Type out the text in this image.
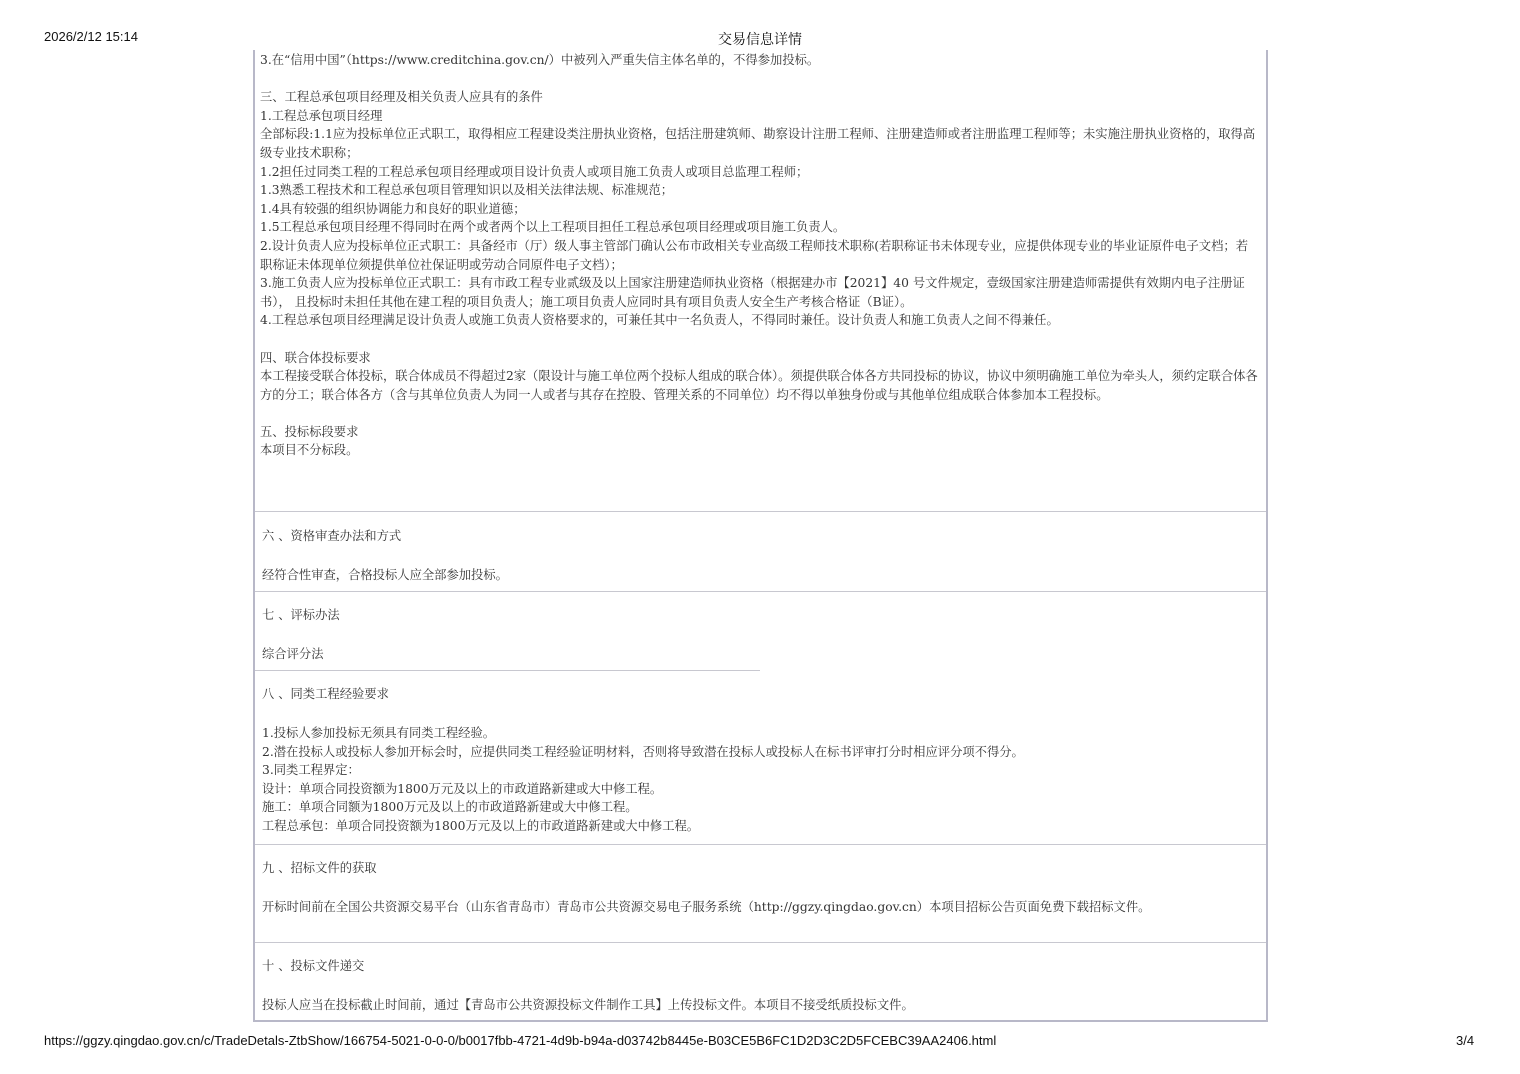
2026/2/12 15:14	交易信息详情
https://ggzy.qingdao.gov.cn/c/TradeDetals-ZtbShow/166754-5021-0-0-0/b0017fbb-4721-4d9b-b94a-d03742b8445e-B03CE5B6FC1D2D3C2D5FCEBC39AA2406.html	3/4

3.在“信用中国”（https://www.creditchina.gov.cn/）中被列入严重失信主体名单的，不得参加投标。

三、工程总承包项目经理及相关负责人应具有的条件

1.工程总承包项目经理

全部标段:1.1应为投标单位正式职工，取得相应工程建设类注册执业资格，包括注册建筑师、勘察设计注册工程师、注册建造师或者注册监理工程师等；未实施注册执业资格的，取得高级专业技术职称；

1.2担任过同类工程的工程总承包项目经理或项目设计负责人或项目施工负责人或项目总监理工程师；

1.3熟悉工程技术和工程总承包项目管理知识以及相关法律法规、标准规范；

1.4具有较强的组织协调能力和良好的职业道德；

1.5工程总承包项目经理不得同时在两个或者两个以上工程项目担任工程总承包项目经理或项目施工负责人。

2.设计负责人应为投标单位正式职工：具备经市（厅）级人事主管部门确认公布市政相关专业高级工程师技术职称(若职称证书未体现专业，应提供体现专业的毕业证原件电子文档；若职称证未体现单位须提供单位社保证明或劳动合同原件电子文档）；

3.施工负责人应为投标单位正式职工：具有市政工程专业贰级及以上国家注册建造师执业资格（根据建办市【2021】40 号文件规定，壹级国家注册建造师需提供有效期内电子注册证书）， 且投标时未担任其他在建工程的项目负责人；施工项目负责人应同时具有项目负责人安全生产考核合格证（B证）。

4.工程总承包项目经理满足设计负责人或施工负责人资格要求的，可兼任其中一名负责人，不得同时兼任。设计负责人和施工负责人之间不得兼任。

四、联合体投标要求

本工程接受联合体投标，联合体成员不得超过2家（限设计与施工单位两个投标人组成的联合体）。须提供联合体各方共同投标的协议，协议中须明确施工单位为牵头人，须约定联合体各方的分工；联合体各方（含与其单位负责人为同一人或者与其存在控股、管理关系的不同单位）均不得以单独身份或与其他单位组成联合体参加本工程投标。

五、投标标段要求

本项目不分标段。

六 、资格审查办法和方式
经符合性审查，合格投标人应全部参加投标。
七 、评标办法
综合评分法
八 、同类工程经验要求

1.投标人参加投标无须具有同类工程经验。

2.潜在投标人或投标人参加开标会时，应提供同类工程经验证明材料，否则将导致潜在投标人或投标人在标书评审打分时相应评分项不得分。

3.同类工程界定：

设计：单项合同投资额为1800万元及以上的市政道路新建或大中修工程。

施工：单项合同额为1800万元及以上的市政道路新建或大中修工程。

工程总承包：单项合同投资额为1800万元及以上的市政道路新建或大中修工程。

九 、招标文件的获取
开标时间前在全国公共资源交易平台（山东省青岛市）青岛市公共资源交易电子服务系统（http://ggzy.qingdao.gov.cn）本项目招标公告页面免费下载招标文件。
十 、投标文件递交
投标人应当在投标截止时间前，通过【青岛市公共资源投标文件制作工具】上传投标文件。本项目不接受纸质投标文件。
